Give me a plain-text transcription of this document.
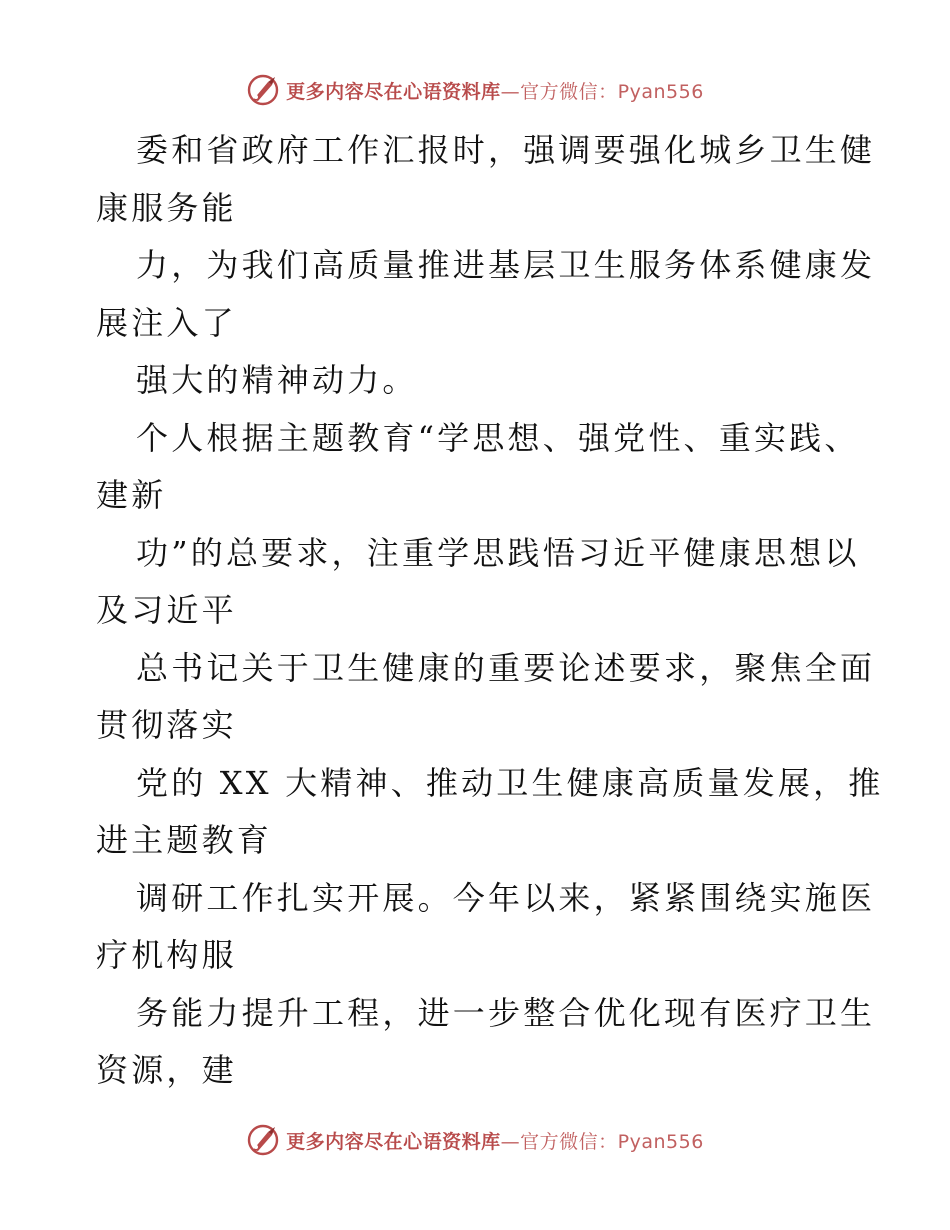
更多内容尽在心语资料库—官方微信：Pyan556
委和省政府工作汇报时，强调要强化城乡卫生健
康服务能
力，为我们高质量推进基层卫生服务体系健康发
展注入了
强大的精神动力。
个人根据主题教育“学思想、强党性、重实践、
建新
功”的总要求，注重学思践悟习近平健康思想以
及习近平
总书记关于卫生健康的重要论述要求，聚焦全面
贯彻落实
党的 XX 大精神、推动卫生健康高质量发展，推
进主题教育
调研工作扎实开展。今年以来，紧紧围绕实施医
疗机构服
务能力提升工程，进一步整合优化现有医疗卫生
资源，建
更多内容尽在心语资料库—官方微信：Pyan556
